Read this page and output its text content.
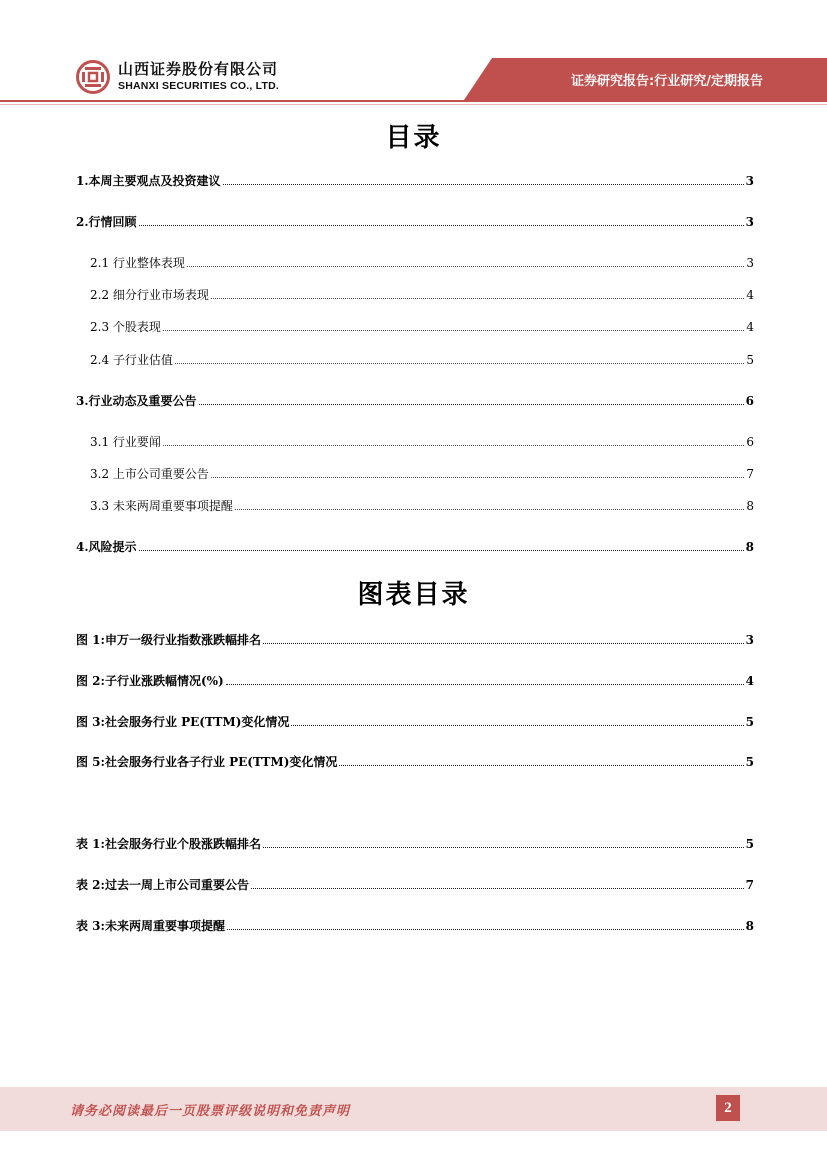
山西证券股份有限公司
SHANXI SECURITIES CO., LTD.	证券研究报告:行业研究/定期报告
目录
1.本周主要观点及投资建议	3
2.行情回顾	3
2.1 行业整体表现	3
2.2 细分行业市场表现	4
2.3 个股表现	4
2.4 子行业估值	5
3.行业动态及重要公告	6
3.1 行业要闻	6
3.2 上市公司重要公告	7
3.3 未来两周重要事项提醒	8
4.风险提示	8
图表目录
图 1:申万一级行业指数涨跌幅排名	3
图 2:子行业涨跌幅情况(%)	4
图 3:社会服务行业 PE(TTM)变化情况	5
图 5:社会服务行业各子行业 PE(TTM)变化情况	5
表 1:社会服务行业个股涨跌幅排名	5
表 2:过去一周上市公司重要公告	7
表 3:未来两周重要事项提醒	8
请务必阅读最后一页股票评级说明和免责声明	2
